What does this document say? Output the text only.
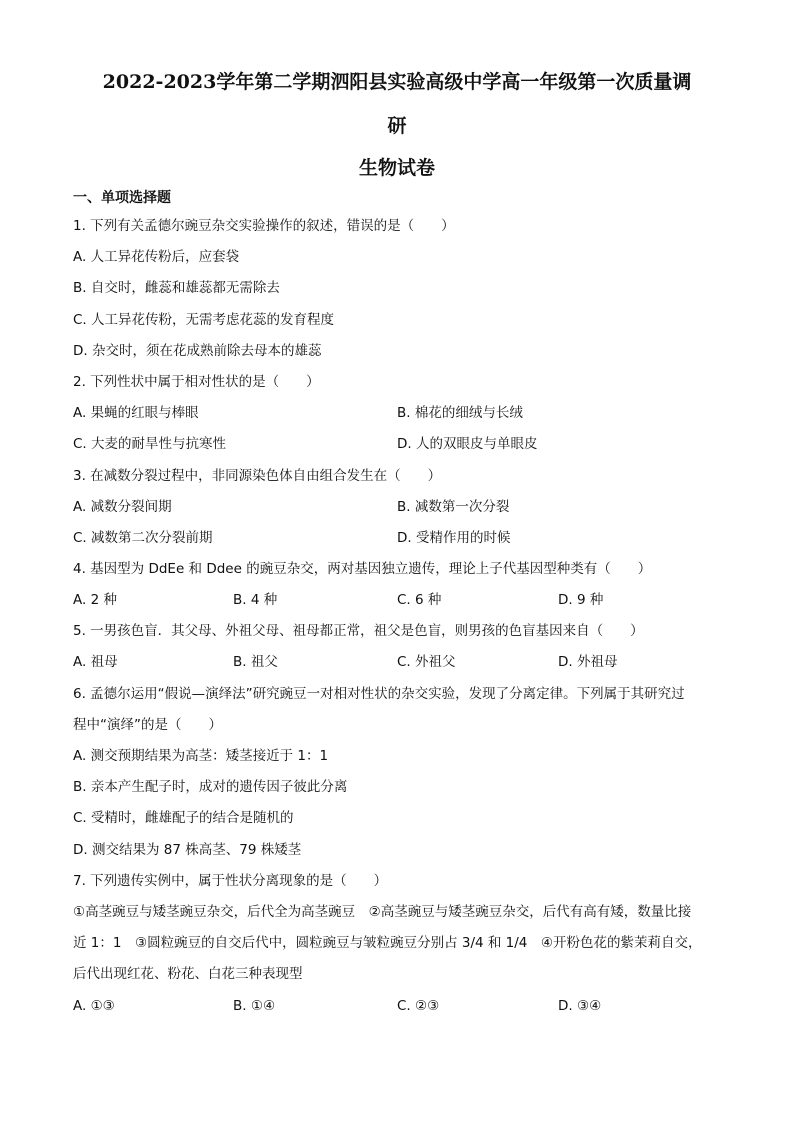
2022-2023学年第二学期泗阳县实验高级中学高一年级第一次质量调
研
生物试卷
一、单项选择题
1. 下列有关孟德尔豌豆杂交实验操作的叙述，错误的是（　　）
A. 人工异花传粉后，应套袋
B. 自交时，雌蕊和雄蕊都无需除去
C. 人工异花传粉，无需考虑花蕊的发育程度
D. 杂交时，须在花成熟前除去母本的雄蕊
2. 下列性状中属于相对性状的是（　　）
A. 果蝇的红眼与棒眼	B. 棉花的细绒与长绒
C. 大麦的耐旱性与抗寒性	D. 人的双眼皮与单眼皮
3. 在减数分裂过程中，非同源染色体自由组合发生在（　　）
A. 减数分裂间期	B. 减数第一次分裂
C. 减数第二次分裂前期	D. 受精作用的时候
4. 基因型为 DdEe 和 Ddee 的豌豆杂交，两对基因独立遗传，理论上子代基因型种类有（　　）
A. 2 种	B. 4 种	C. 6 种	D. 9 种
5. 一男孩色盲．其父母、外祖父母、祖母都正常，祖父是色盲，则男孩的色盲基因来自（　　）
A. 祖母	B. 祖父	C. 外祖父	D. 外祖母
6. 孟德尔运用“假说—演绎法”研究豌豆一对相对性状的杂交实验，发现了分离定律。下列属于其研究过
程中“演绎”的是（　　）
A. 测交预期结果为高茎：矮茎接近于 1：1
B. 亲本产生配子时，成对的遗传因子彼此分离
C. 受精时，雌雄配子的结合是随机的
D. 测交结果为 87 株高茎、79 株矮茎
7. 下列遗传实例中，属于性状分离现象的是（　　）
①高茎豌豆与矮茎豌豆杂交，后代全为高茎豌豆　②高茎豌豆与矮茎豌豆杂交，后代有高有矮，数量比接
近 1：1　③圆粒豌豆的自交后代中，圆粒豌豆与皱粒豌豆分别占 3/4 和 1/4　④开粉色花的紫茉莉自交，
后代出现红花、粉花、白花三种表现型
A. ①③	B. ①④	C. ②③	D. ③④
